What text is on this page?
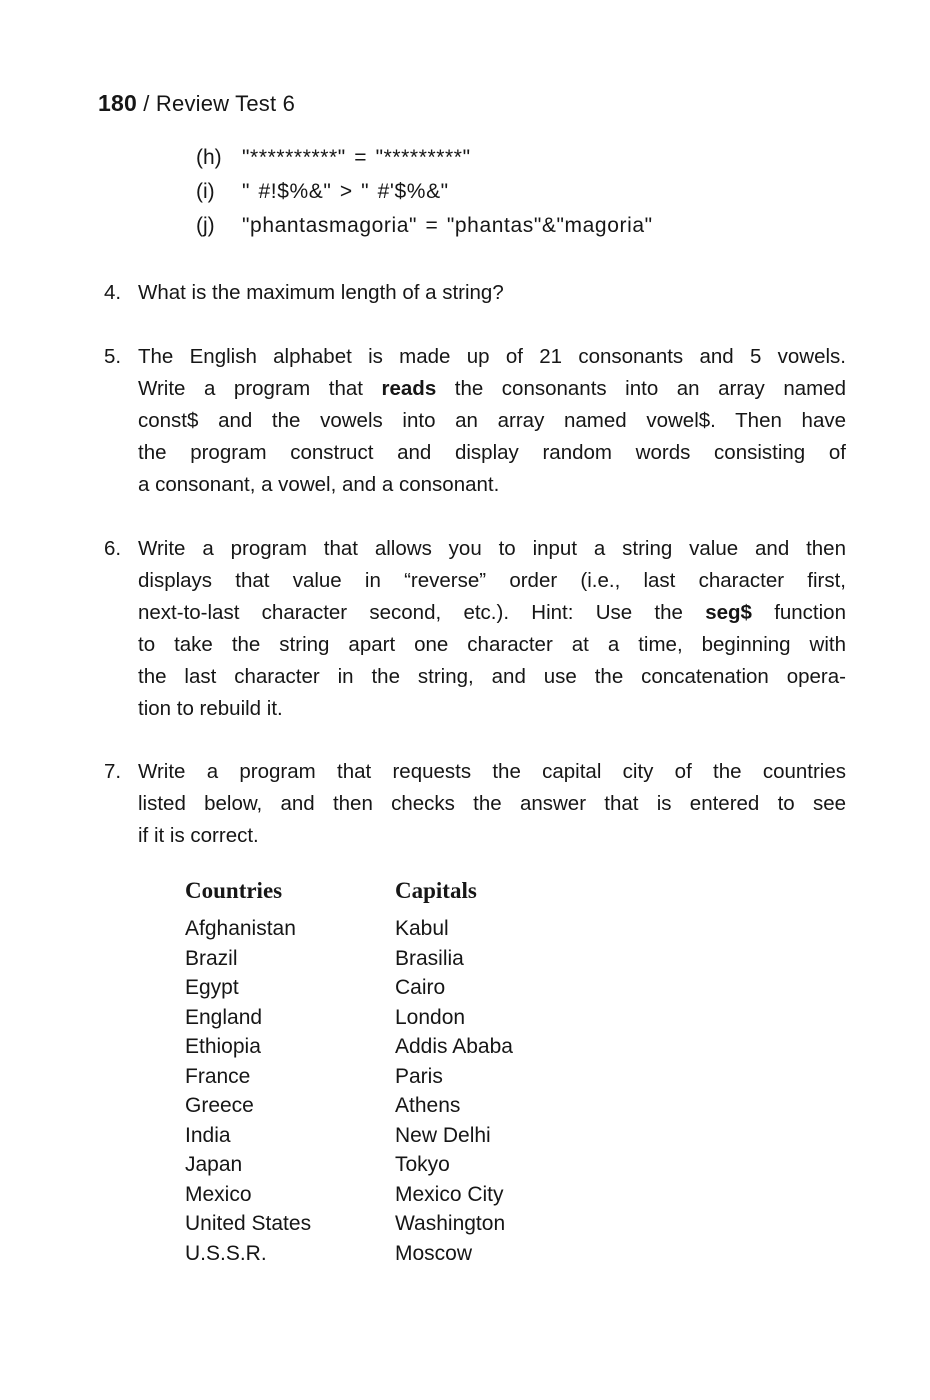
180 / Review Test 6
(h) "**********" = "*********"
(i)	" #!$%&" > " #'$%&"
(j)	"phantasmagoria" = "phantas"&"magoria"
4. What is the maximum length of a string?
5. The English alphabet is made up of 21 consonants and 5 vowels.
Write a program that reads the consonants into an array named
const$ and the vowels into an array named vowel$. Then have
the program construct and display random words consisting of
a consonant, a vowel, and a consonant.
6. Write a program that allows you to input a string value and then
displays that value in “reverse” order (i.e., last character first,
next-to-last character second, etc.). Hint: Use the seg$ function
to take the string apart one character at a time, beginning with
the last character in the string, and use the concatenation opera-
tion to rebuild it.
7. Write a program that requests the capital city of the countries
listed below, and then checks the answer that is entered to see
if it is correct.
Countries	Capitals
Afghanistan	Kabul
Brazil	Brasilia
Egypt	Cairo
England	London
Ethiopia	Addis Ababa
France	Paris
Greece	Athens
India	New Delhi
Japan	Tokyo
Mexico	Mexico City
United States	Washington
U.S.S.R.	Moscow
